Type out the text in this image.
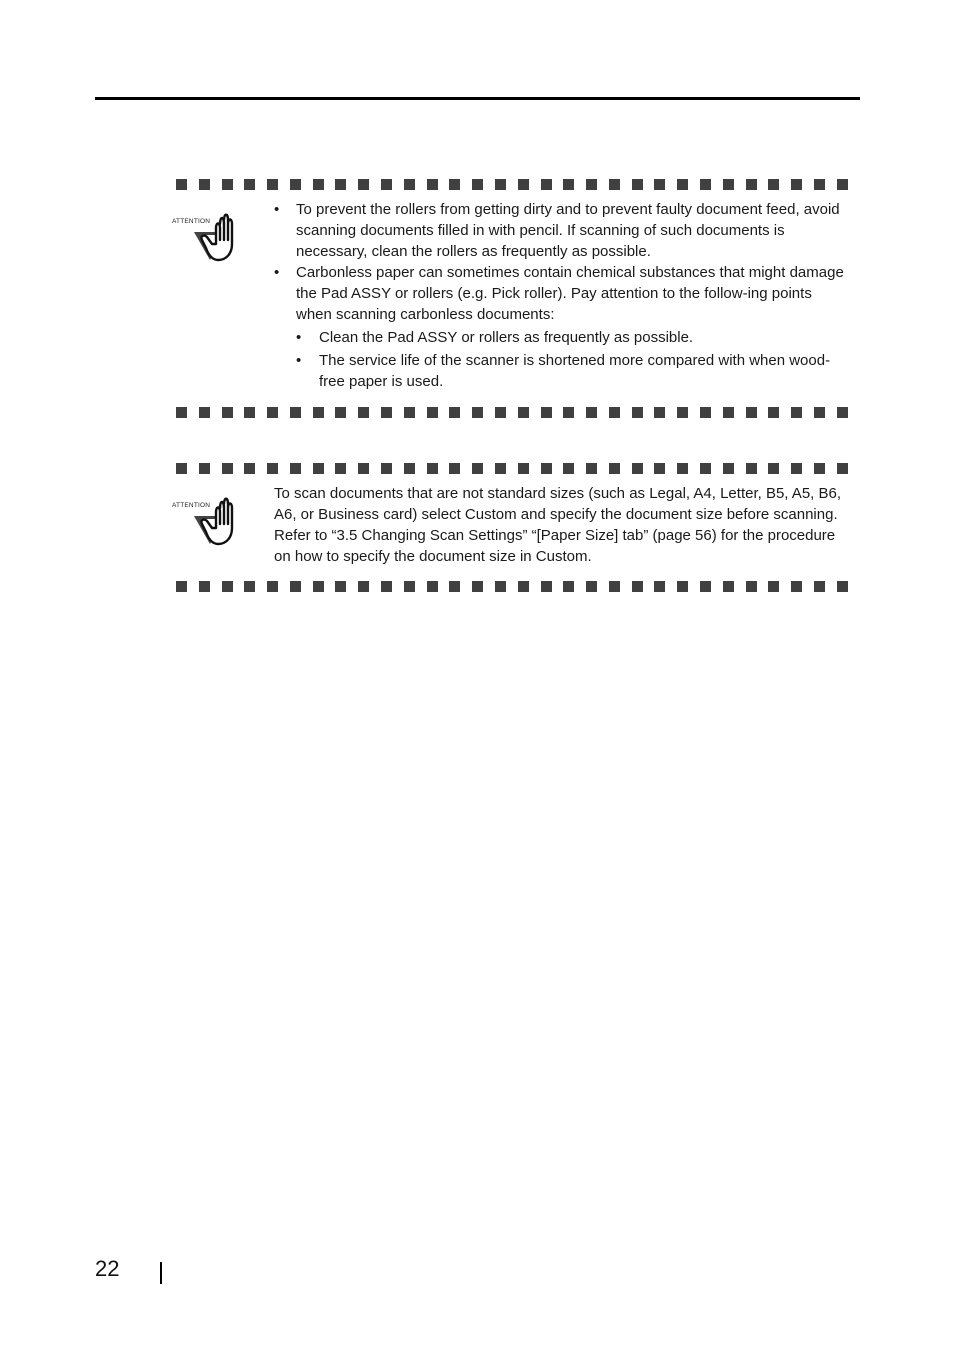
ATTENTION
• To prevent the rollers from getting dirty and to prevent faulty document feed, avoid scanning documents filled in with pencil. If scanning of such documents is necessary, clean the rollers as frequently as possible.
• Carbonless paper can sometimes contain chemical substances that might damage the Pad ASSY or rollers (e.g. Pick roller). Pay attention to the follow-ing points when scanning carbonless documents:
• Clean the Pad ASSY or rollers as frequently as possible.
• The service life of the scanner is shortened more compared with when wood-free paper is used.
ATTENTION

To scan documents that are not standard sizes (such as Legal, A4, Letter, B5, A5, B6, A6, or Business card) select Custom and specify the document size before scanning. Refer to “3.5 Changing Scan Settings” “[Paper Size] tab” (page 56) for the procedure on how to specify the document size in Custom.

22
